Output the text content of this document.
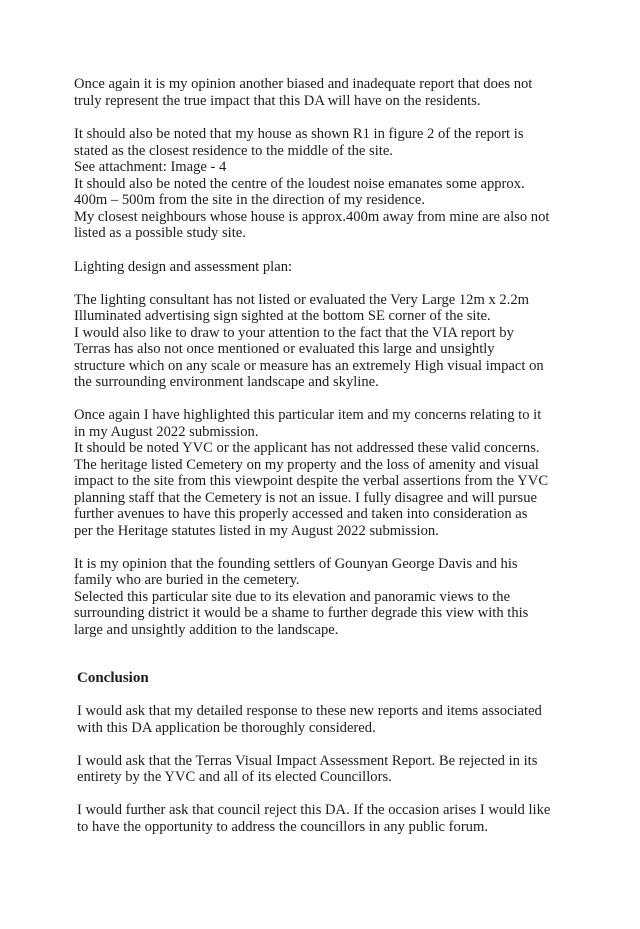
Once again it is my opinion another biased and inadequate report that does not

truly represent the true impact that this DA will have on the residents.

It should also be noted that my house as shown R1 in figure 2 of the report is

stated as the closest residence to the middle of the site.

See attachment: Image - 4

It should also be noted the centre of the loudest noise emanates some approx.

400m – 500m from the site in the direction of my residence.

My closest neighbours whose house is approx.400m away from mine are also not

listed as a possible study site.

Lighting design and assessment plan:

The lighting consultant has not listed or evaluated the Very Large 12m x 2.2m

Illuminated advertising sign sighted at the bottom SE corner of the site.

I would also like to draw to your attention to the fact that the VIA report by

Terras has also not once mentioned or evaluated this large and unsightly

structure which on any scale or measure has an extremely High visual impact on

the surrounding environment landscape and skyline.

Once again I have highlighted this particular item and my concerns relating to it

in my August 2022 submission.

It should be noted YVC or the applicant has not addressed these valid concerns.

The heritage listed Cemetery on my property and the loss of amenity and visual

impact to the site from this viewpoint despite the verbal assertions from the YVC

planning staff that the Cemetery is not an issue. I fully disagree and will pursue

further avenues to have this properly accessed and taken into consideration as

per the Heritage statutes listed in my August 2022 submission.

It is my opinion that the founding settlers of Gounyan George Davis and his

family who are buried in the cemetery.

Selected this particular site due to its elevation and panoramic views to the

surrounding district it would be a shame to further degrade this view with this

large and unsightly addition to the landscape.

Conclusion

I would ask that my detailed response to these new reports and items associated

with this DA application be thoroughly considered.

I would ask that the Terras Visual Impact Assessment Report. Be rejected in its

entirety by the YVC and all of its elected Councillors.

I would further ask that council reject this DA. If the occasion arises I would like

to have the opportunity to address the councillors in any public forum.
